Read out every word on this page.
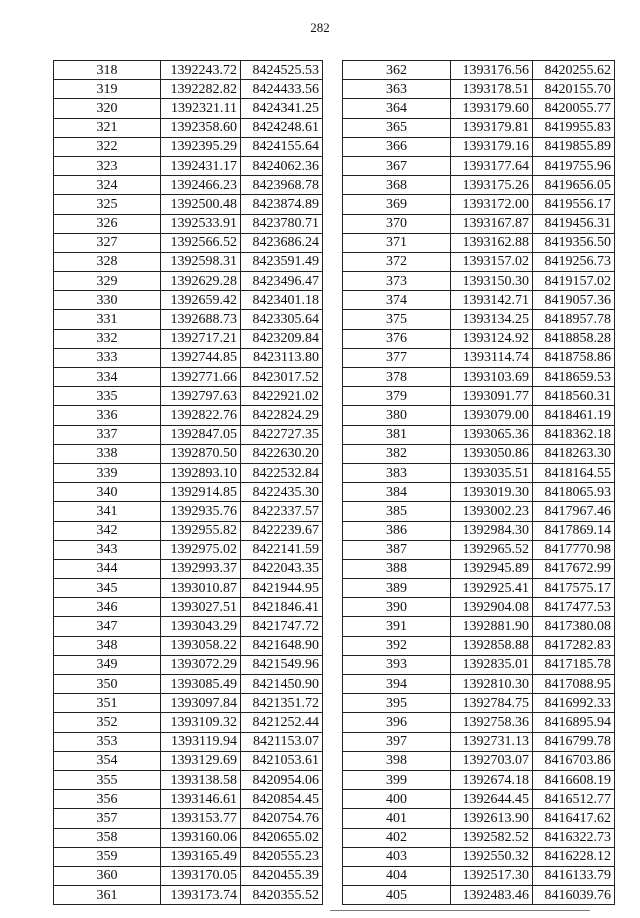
282
318	1392243.72	8424525.53
319	1392282.82	8424433.56
320	1392321.11	8424341.25
321	1392358.60	8424248.61
322	1392395.29	8424155.64
323	1392431.17	8424062.36
324	1392466.23	8423968.78
325	1392500.48	8423874.89
326	1392533.91	8423780.71
327	1392566.52	8423686.24
328	1392598.31	8423591.49
329	1392629.28	8423496.47
330	1392659.42	8423401.18
331	1392688.73	8423305.64
332	1392717.21	8423209.84
333	1392744.85	8423113.80
334	1392771.66	8423017.52
335	1392797.63	8422921.02
336	1392822.76	8422824.29
337	1392847.05	8422727.35
338	1392870.50	8422630.20
339	1392893.10	8422532.84
340	1392914.85	8422435.30
341	1392935.76	8422337.57
342	1392955.82	8422239.67
343	1392975.02	8422141.59
344	1392993.37	8422043.35
345	1393010.87	8421944.95
346	1393027.51	8421846.41
347	1393043.29	8421747.72
348	1393058.22	8421648.90
349	1393072.29	8421549.96
350	1393085.49	8421450.90
351	1393097.84	8421351.72
352	1393109.32	8421252.44
353	1393119.94	8421153.07
354	1393129.69	8421053.61
355	1393138.58	8420954.06
356	1393146.61	8420854.45
357	1393153.77	8420754.76
358	1393160.06	8420655.02
359	1393165.49	8420555.23
360	1393170.05	8420455.39
361	1393173.74	8420355.52
362	1393176.56	8420255.62
363	1393178.51	8420155.70
364	1393179.60	8420055.77
365	1393179.81	8419955.83
366	1393179.16	8419855.89
367	1393177.64	8419755.96
368	1393175.26	8419656.05
369	1393172.00	8419556.17
370	1393167.87	8419456.31
371	1393162.88	8419356.50
372	1393157.02	8419256.73
373	1393150.30	8419157.02
374	1393142.71	8419057.36
375	1393134.25	8418957.78
376	1393124.92	8418858.28
377	1393114.74	8418758.86
378	1393103.69	8418659.53
379	1393091.77	8418560.31
380	1393079.00	8418461.19
381	1393065.36	8418362.18
382	1393050.86	8418263.30
383	1393035.51	8418164.55
384	1393019.30	8418065.93
385	1393002.23	8417967.46
386	1392984.30	8417869.14
387	1392965.52	8417770.98
388	1392945.89	8417672.99
389	1392925.41	8417575.17
390	1392904.08	8417477.53
391	1392881.90	8417380.08
392	1392858.88	8417282.83
393	1392835.01	8417185.78
394	1392810.30	8417088.95
395	1392784.75	8416992.33
396	1392758.36	8416895.94
397	1392731.13	8416799.78
398	1392703.07	8416703.86
399	1392674.18	8416608.19
400	1392644.45	8416512.77
401	1392613.90	8416417.62
402	1392582.52	8416322.73
403	1392550.32	8416228.12
404	1392517.30	8416133.79
405	1392483.46	8416039.76
